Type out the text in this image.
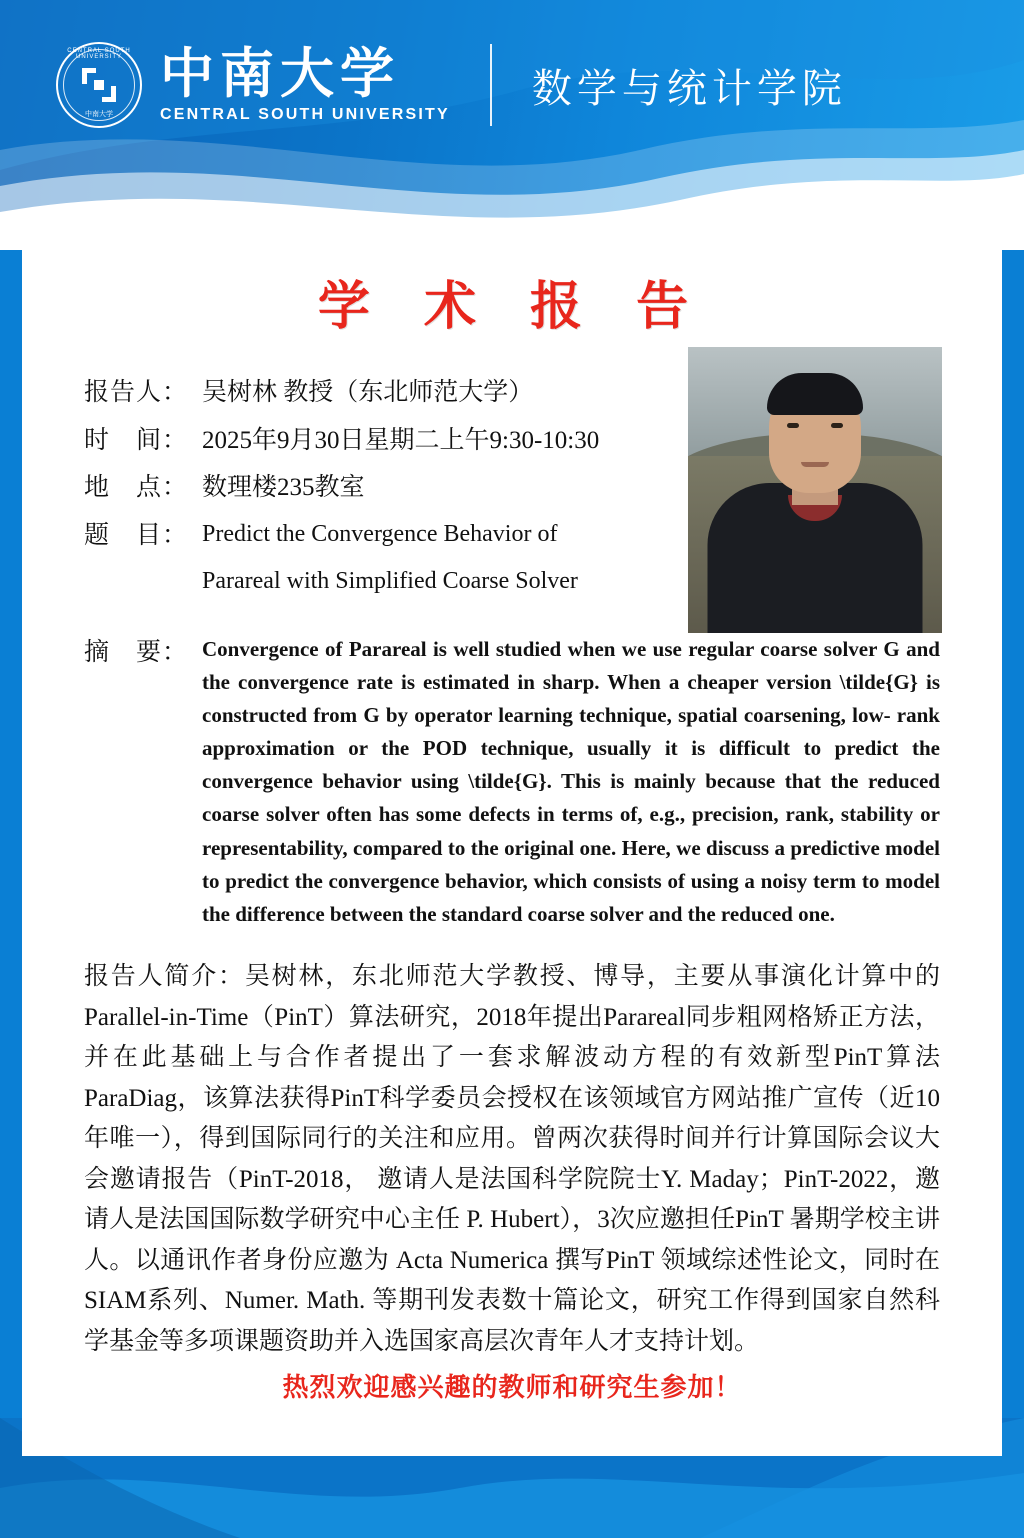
CENTRAL SOUTH UNIVERSITY
中南大学
中南大学
CENTRAL SOUTH UNIVERSITY
数学与统计学院
学 术 报 告
报告人： 吴树林 教授（东北师范大学）
时　间： 2025年9月30日星期二上午9:30-10:30
地　点： 数理楼235教室
题　目： Predict the Convergence Behavior of
Parareal with Simplified Coarse Solver
摘　要： Convergence of Parareal is well studied when we use regular coarse solver G and the convergence rate is estimated in sharp. When a cheaper version \tilde{G} is constructed from G by operator learning technique, spatial coarsening, low- rank approximation or the POD technique, usually it is difficult to predict the convergence behavior using \tilde{G}. This is mainly because that the reduced coarse solver often has some defects in terms of, e.g., precision, rank, stability or representability, compared to the original one. Here, we discuss a predictive model to predict the convergence behavior, which consists of using a noisy term to model the difference between the standard coarse solver and the reduced one.
报告人简介：吴树林，东北师范大学教授、博导，主要从事演化计算中的Parallel-in-Time（PinT）算法研究，2018年提出Parareal同步粗网格矫正方法，并在此基础上与合作者提出了一套求解波动方程的有效新型PinT算法ParaDiag，该算法获得PinT科学委员会授权在该领域官方网站推广宣传（近10年唯一），得到国际同行的关注和应用。曾两次获得时间并行计算国际会议大会邀请报告（PinT-2018， 邀请人是法国科学院院士Y. Maday；PinT-2022，邀请人是法国国际数学研究中心主任 P. Hubert），3次应邀担任PinT 暑期学校主讲人。以通讯作者身份应邀为 Acta Numerica 撰写PinT 领域综述性论文，同时在SIAM系列、Numer. Math. 等期刊发表数十篇论文，研究工作得到国家自然科学基金等多项课题资助并入选国家高层次青年人才支持计划。
热烈欢迎感兴趣的教师和研究生参加！
